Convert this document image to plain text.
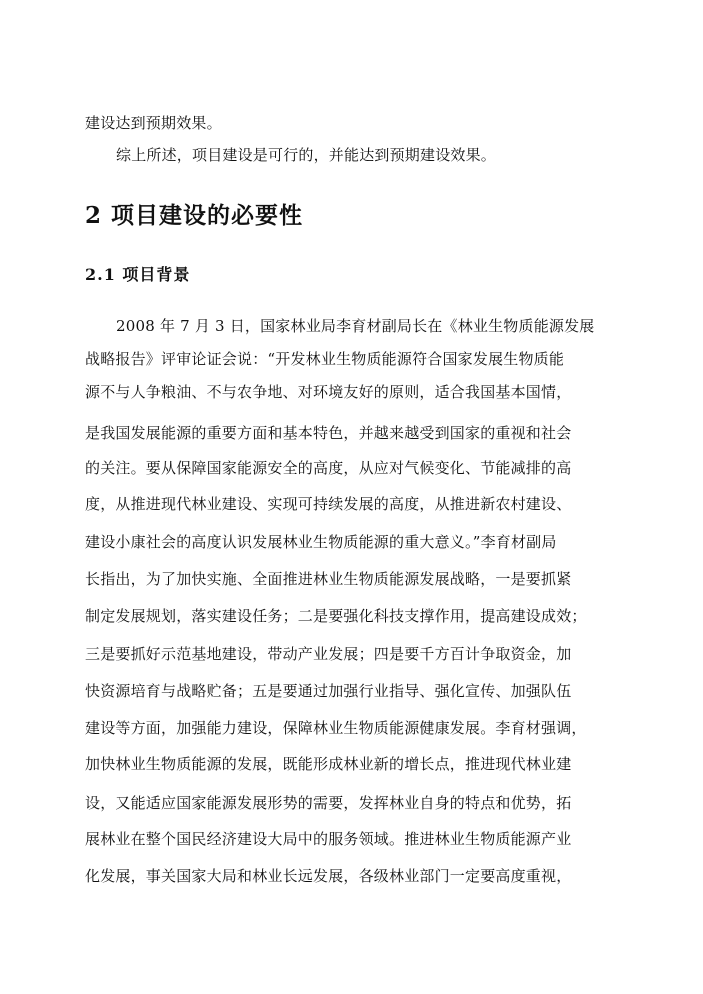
建设达到预期效果。
综上所述，项目建设是可行的，并能达到预期建设效果。
2 项目建设的必要性
2.1 项目背景
2008 年 7 月 3 日，国家林业局李育材副局长在《林业生物质能源发展
战略报告》评审论证会说：“开发林业生物质能源符合国家发展生物质能
源不与人争粮油、不与农争地、对环境友好的原则，适合我国基本国情，
是我国发展能源的重要方面和基本特色，并越来越受到国家的重视和社会
的关注。要从保障国家能源安全的高度，从应对气候变化、节能减排的高
度，从推进现代林业建设、实现可持续发展的高度，从推进新农村建设、
建设小康社会的高度认识发展林业生物质能源的重大意义。”李育材副局
长指出，为了加快实施、全面推进林业生物质能源发展战略，一是要抓紧
制定发展规划，落实建设任务；二是要强化科技支撑作用，提高建设成效；
三是要抓好示范基地建设，带动产业发展；四是要千方百计争取资金，加
快资源培育与战略贮备；五是要通过加强行业指导、强化宣传、加强队伍
建设等方面，加强能力建设，保障林业生物质能源健康发展。李育材强调，
加快林业生物质能源的发展，既能形成林业新的增长点，推进现代林业建
设，又能适应国家能源发展形势的需要，发挥林业自身的特点和优势，拓
展林业在整个国民经济建设大局中的服务领域。推进林业生物质能源产业
化发展，事关国家大局和林业长远发展，各级林业部门一定要高度重视，
